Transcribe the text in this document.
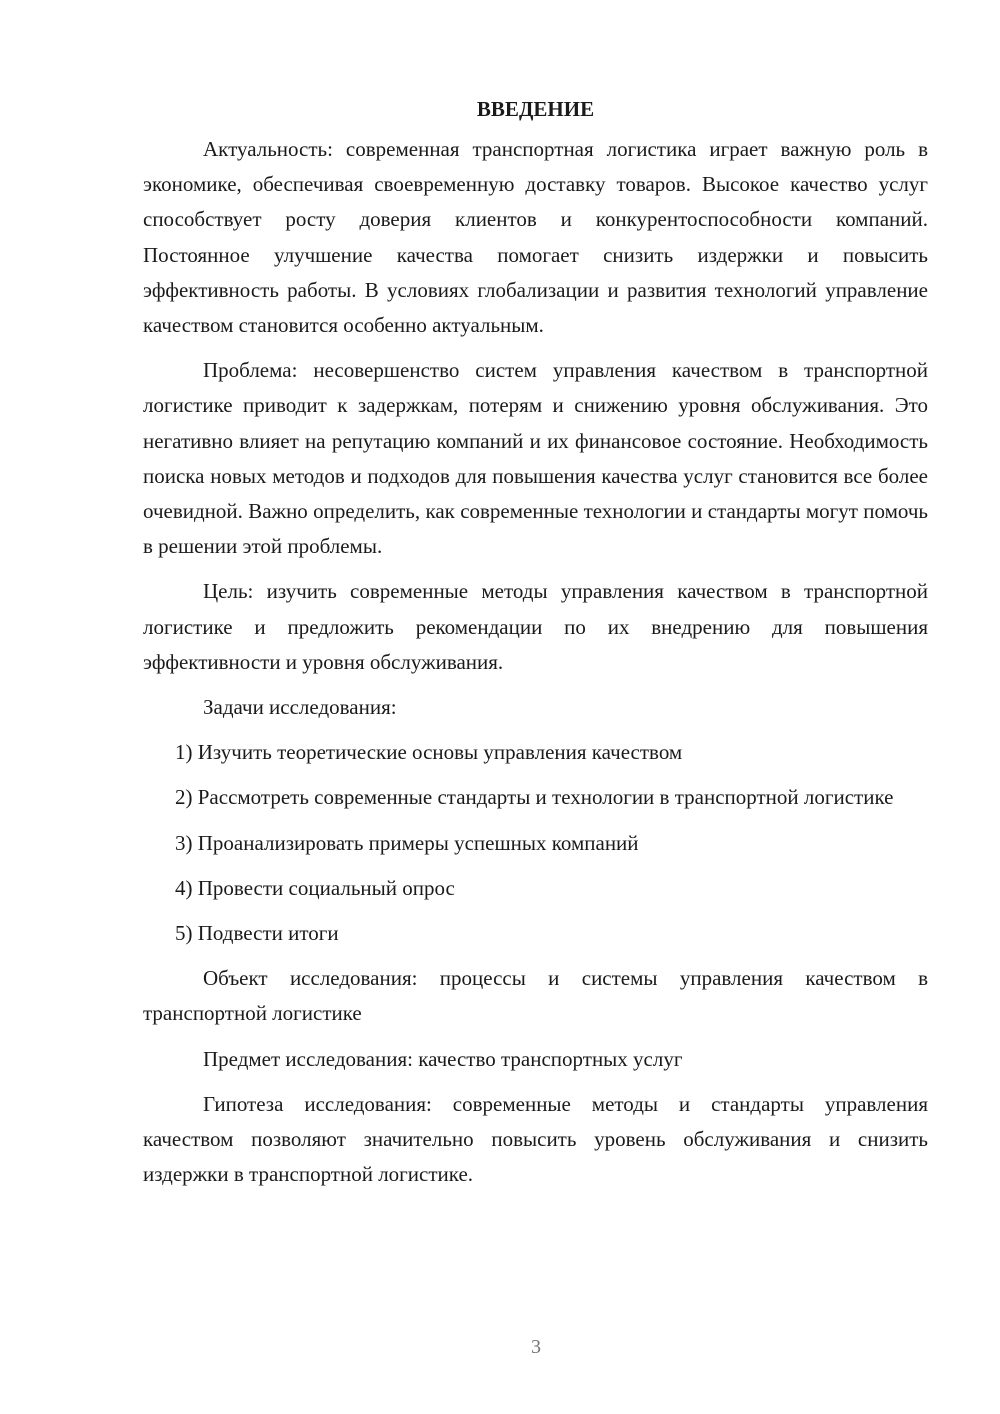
ВВЕДЕНИЕ

Актуальность: современная транспортная логистика играет важную роль в экономике, обеспечивая своевременную доставку товаров. Высокое качество услуг способствует росту доверия клиентов и конкурентоспособности компаний. Постоянное улучшение качества помогает снизить издержки и повысить эффективность работы. В условиях глобализации и развития технологий управление качеством становится особенно актуальным.

Проблема: несовершенство систем управления качеством в транспортной логистике приводит к задержкам, потерям и снижению уровня обслуживания. Это негативно влияет на репутацию компаний и их финансовое состояние. Необходимость поиска новых методов и подходов для повышения качества услуг становится все более очевидной. Важно определить, как современные технологии и стандарты могут помочь в решении этой проблемы.

Цель: изучить современные методы управления качеством в транспортной логистике и предложить рекомендации по их внедрению для повышения эффективности и уровня обслуживания.

Задачи исследования:

1) Изучить теоретические основы управления качеством

2) Рассмотреть современные стандарты и технологии в транспортной логистике

3) Проанализировать примеры успешных компаний

4) Провести социальный опрос

5) Подвести итоги

Объект исследования: процессы и системы управления качеством в транспортной логистике

Предмет исследования: качество транспортных услуг

Гипотеза исследования: современные методы и стандарты управления качеством позволяют значительно повысить уровень обслуживания и снизить издержки в транспортной логистике.

3
